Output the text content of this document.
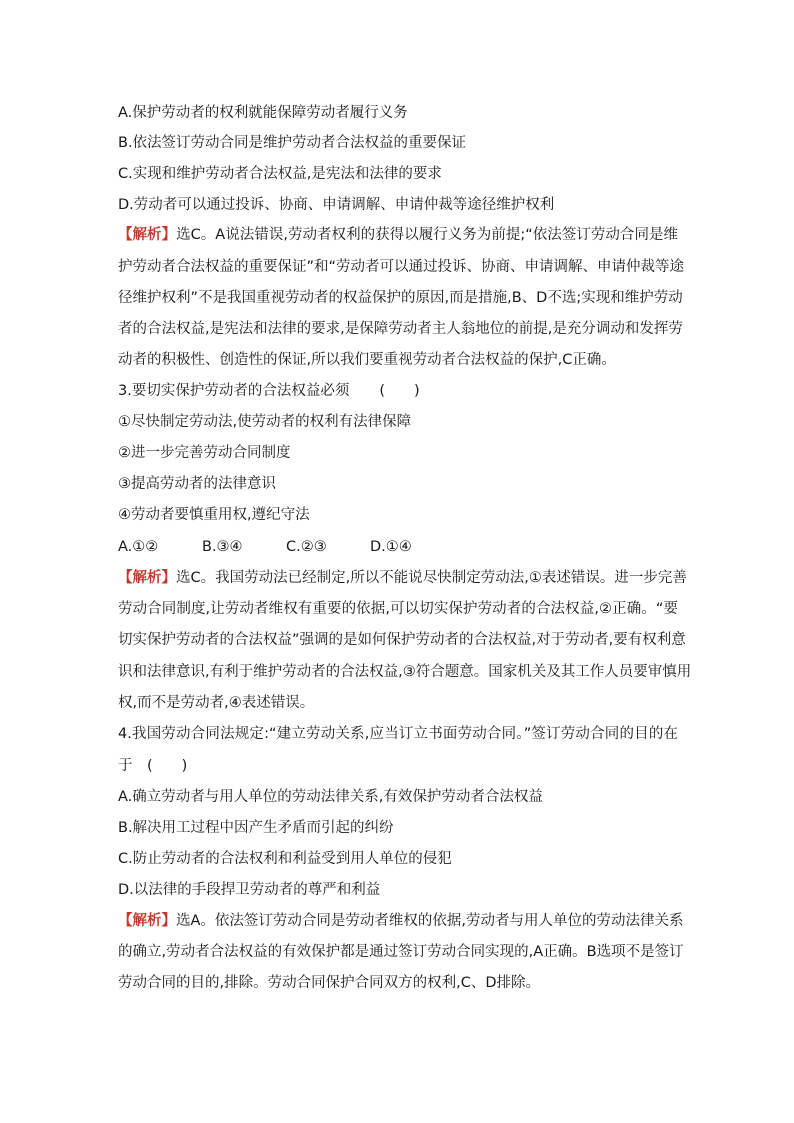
A.保护劳动者的权利就能保障劳动者履行义务
B.依法签订劳动合同是维护劳动者合法权益的重要保证
C.实现和维护劳动者合法权益,是宪法和法律的要求
D.劳动者可以通过投诉、协商、申请调解、申请仲裁等途径维护权利
【解析】选C。A说法错误,劳动者权利的获得以履行义务为前提;“依法签订劳动合同是维
护劳动者合法权益的重要保证”和“劳动者可以通过投诉、协商、申请调解、申请仲裁等途
径维护权利”不是我国重视劳动者的权益保护的原因,而是措施,B、D不选;实现和维护劳动
者的合法权益,是宪法和法律的要求,是保障劳动者主人翁地位的前提,是充分调动和发挥劳
动者的积极性、创造性的保证,所以我们要重视劳动者合法权益的保护,C正确。
3.要切实保护劳动者的合法权益必须 (　　)
①尽快制定劳动法,使劳动者的权利有法律保障
②进一步完善劳动合同制度
③提高劳动者的法律意识
④劳动者要慎重用权,遵纪守法
A.①②	B.③④	C.②③	D.①④
【解析】选C。我国劳动法已经制定,所以不能说尽快制定劳动法,①表述错误。进一步完善
劳动合同制度,让劳动者维权有重要的依据,可以切实保护劳动者的合法权益,②正确。“要
切实保护劳动者的合法权益”强调的是如何保护劳动者的合法权益,对于劳动者,要有权利意
识和法律意识,有利于维护劳动者的合法权益,③符合题意。国家机关及其工作人员要审慎用
权,而不是劳动者,④表述错误。
4.我国劳动合同法规定:“建立劳动关系,应当订立书面劳动合同。”签订劳动合同的目的在
于　(　　)
A.确立劳动者与用人单位的劳动法律关系,有效保护劳动者合法权益
B.解决用工过程中因产生矛盾而引起的纠纷
C.防止劳动者的合法权利和利益受到用人单位的侵犯
D.以法律的手段捍卫劳动者的尊严和利益
【解析】选A。依法签订劳动合同是劳动者维权的依据,劳动者与用人单位的劳动法律关系
的确立,劳动者合法权益的有效保护都是通过签订劳动合同实现的,A正确。B选项不是签订
劳动合同的目的,排除。劳动合同保护合同双方的权利,C、D排除。
